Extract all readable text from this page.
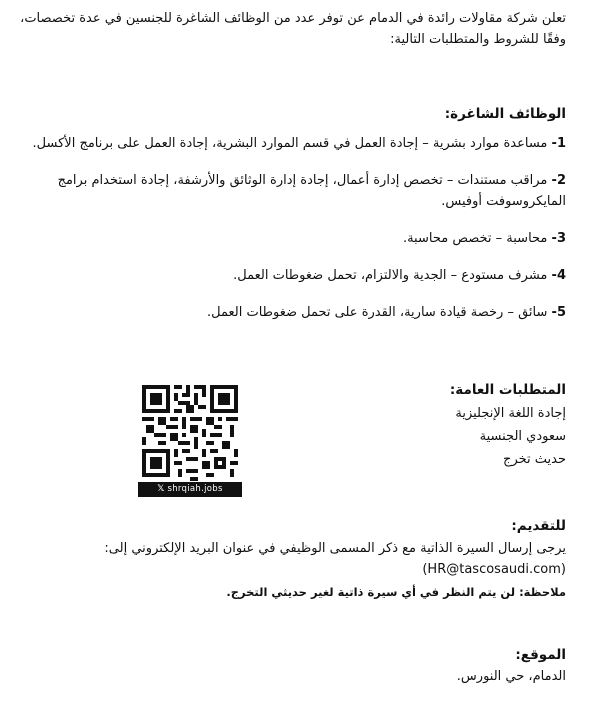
تعلن شركة مقاولات رائدة في الدمام عن توفر عدد من الوظائف الشاغرة للجنسين في عدة تخصصات،
وفقًا للشروط والمتطلبات التالية:
الوظائف الشاغرة:
1- مساعدة موارد بشرية – إجادة العمل في قسم الموارد البشرية، إجادة العمل على برنامج الأكسل.
2- مراقب مستندات – تخصص إدارة أعمال، إجادة إدارة الوثائق والأرشفة، إجادة استخدام برامج المايكروسوفت أوفيس.
3- محاسبة – تخصص محاسبة.
4- مشرف مستودع – الجدية والالتزام، تحمل ضغوطات العمل.
5- سائق – رخصة قيادة سارية، القدرة على تحمل ضغوطات العمل.
المتطلبات العامة:
إجادة اللغة الإنجليزية
سعودي الجنسية
حديث تخرج
𝕏 shrqiah.jobs
للتقديم:
يرجى إرسال السيرة الذاتية مع ذكر المسمى الوظيفي في عنوان البريد الإلكتروني إلى:
(HR@tascosaudi.com)
ملاحظة: لن يتم النظر في أي سيرة ذاتية لغير حديثي التخرج.
الموقع:
الدمام، حي النورس.
